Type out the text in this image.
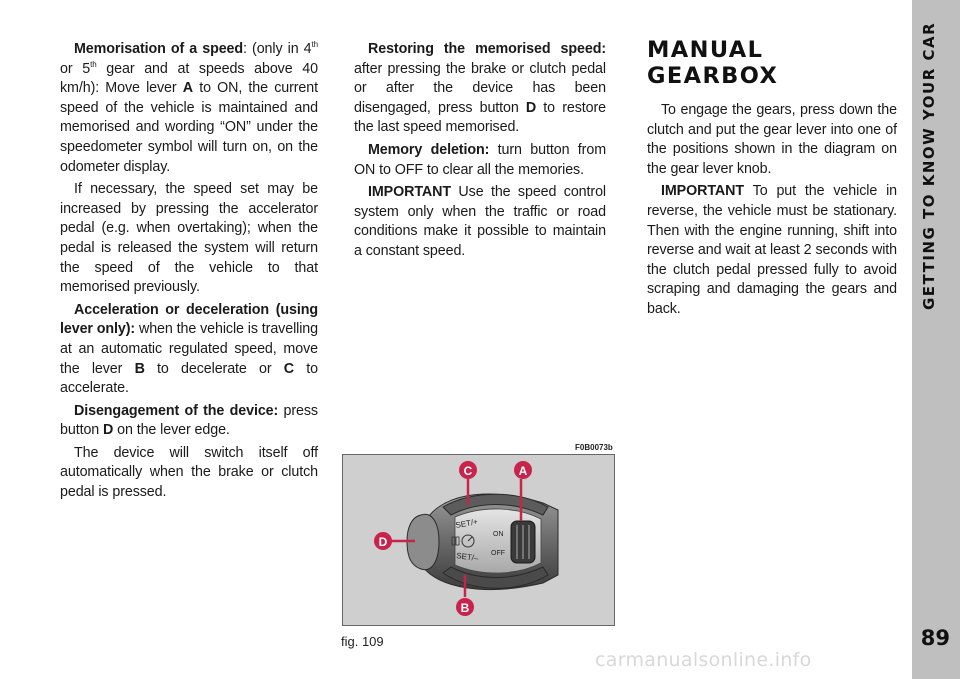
GETTING TO KNOW YOUR CAR
89

Memorisation of a speed: (only in 4th or 5th gear and at speeds above 40 km/h): Move lever A to ON, the current speed of the vehicle is maintained and memorised and wording “ON” under the speedometer symbol will turn on, on the odometer display.

If necessary, the speed set may be increased by pressing the accelerator pedal (e.g. when overtaking); when the pedal is released the system will return the speed of the vehicle to that memorised previously.

Acceleration or deceleration (using lever only): when the vehicle is travelling at an automatic regulated speed, move the lever B to decelerate or C to accelerate.

Disengagement of the device: press button D on the lever edge.

The device will switch itself off automatically when the brake or clutch pedal is pressed.

Restoring the memorised speed: after pressing the brake or clutch pedal or after the device has been disengaged, press button D to restore the last speed memorised.

Memory deletion: turn button from ON to OFF to clear all the memories.

IMPORTANT Use the speed control system only when the traffic or road conditions make it possible to maintain a constant speed.

MANUAL GEARBOX

To engage the gears, press down the clutch and put the gear lever into one of the positions shown in the diagram on the gear lever knob.

IMPORTANT To put the vehicle in reverse, the vehicle must be stationary. Then with the engine running, shift into reverse and wait at least 2 seconds with the clutch pedal pressed fully to avoid scraping and damaging the gears and back.

F0B0073b
SET/+
SET/–
ON
OFF
C	A
D
B
fig. 109
carmanualsonline.info
